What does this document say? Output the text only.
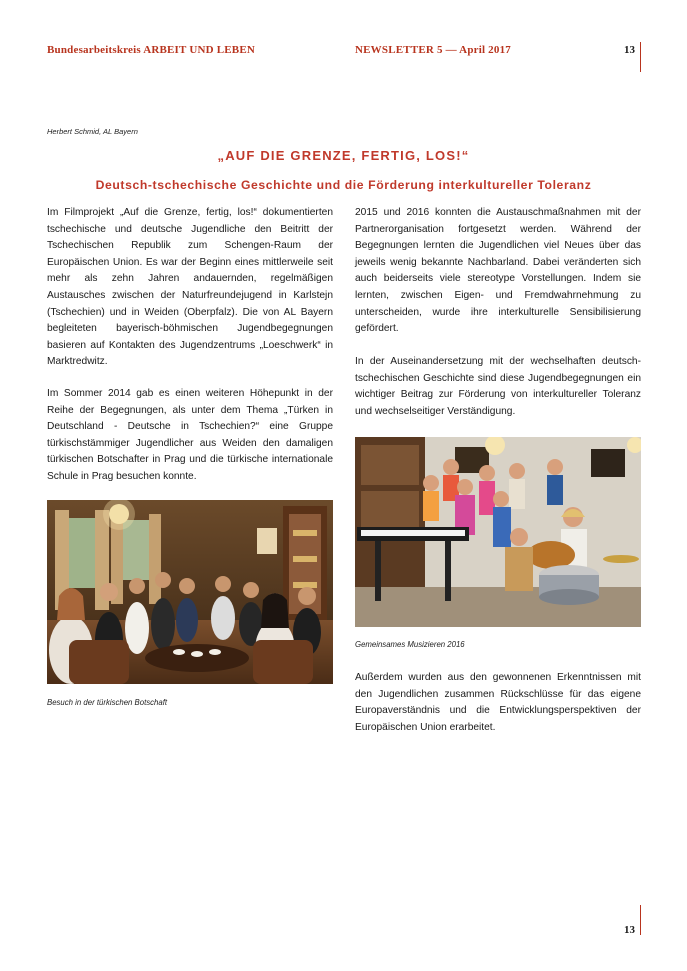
Bundesarbeitskreis ARBEIT UND LEBEN	NEWSLETTER 5 — April 2017	13
Herbert Schmid, AL Bayern
„AUF DIE GRENZE, FERTIG, LOS!“
Deutsch-tschechische Geschichte und die Förderung interkultureller Toleranz

Im Filmprojekt „Auf die Grenze, fertig, los!“ dokumentierten tschechische und deutsche Jugendliche den Beitritt der Tschechischen Republik zum Schengen-Raum der Europäischen Union. Es war der Beginn eines mittlerweile seit mehr als zehn Jahren andauernden, regelmäßigen Austausches zwischen der Naturfreundejugend in Karlstejn (Tschechien) und in Weiden (Oberpfalz). Die von AL Bayern begleiteten bayerisch-böhmischen Jugendbegegnungen basieren auf Kontakten des Jugendzentrums „Loeschwerk“ in Marktredwitz.

Im Sommer 2014 gab es einen weiteren Höhepunkt in der Reihe der Begegnungen, als unter dem Thema „Türken in Deutschland - Deutsche in Tschechien?“ eine Gruppe türkischstämmiger Jugendlicher aus Weiden den damaligen türkischen Botschafter in Prag und die türkische internationale Schule in Prag besuchen konnte.

2015 und 2016 konnten die Austauschmaßnahmen mit der Partnerorganisation fortgesetzt werden. Während der Begegnungen lernten die Jugendlichen viel Neues über das jeweils wenig bekannte Nachbarland. Dabei veränderten sich auch beiderseits viele stereotype Vorstellungen. Indem sie lernten, zwischen Eigen- und Fremdwahrnehmung zu unterscheiden, wurde ihre interkulturelle Sensibilisierung gefördert.

In der Auseinandersetzung mit der wechselhaften deutsch-tschechischen Geschichte sind diese Jugendbegegnungen ein wichtiger Beitrag zur Förderung von interkultureller Toleranz und wechselseitiger Verständigung.

Besuch in der türkischen Botschaft
Gemeinsames Musizieren 2016

Außerdem wurden aus den gewonnenen Erkenntnissen mit den Jugendlichen zusammen Rückschlüsse für das eigene Europaverständnis und die Entwicklungsperspektiven der Europäischen Union erarbeitet.

13
